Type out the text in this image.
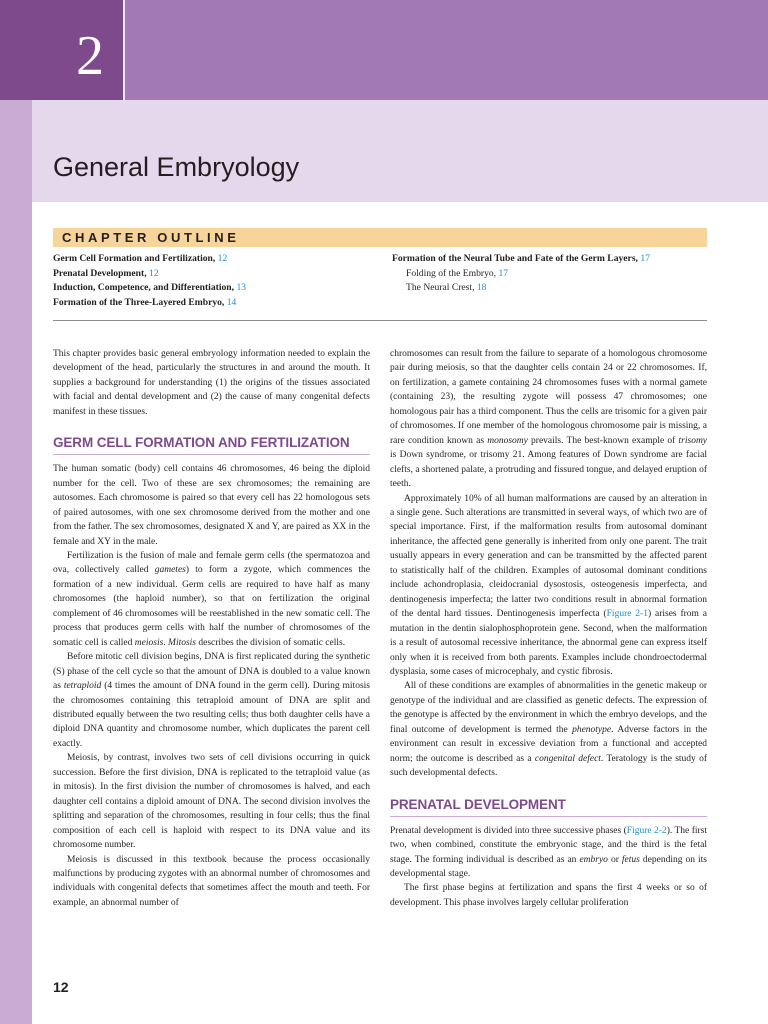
2
General Embryology
CHAPTER OUTLINE
Germ Cell Formation and Fertilization, 12
Prenatal Development, 12
Induction, Competence, and Differentiation, 13
Formation of the Three-Layered Embryo, 14
Formation of the Neural Tube and Fate of the Germ Layers, 17
Folding of the Embryo, 17
The Neural Crest, 18

This chapter provides basic general embryology information needed to explain the development of the head, particularly the structures in and around the mouth. It supplies a background for understanding (1) the origins of the tissues associated with facial and dental development and (2) the cause of many congenital defects manifest in these tissues.

GERM CELL FORMATION AND FERTILIZATION

The human somatic (body) cell contains 46 chromosomes, 46 being the diploid number for the cell. Two of these are sex chromosomes; the remaining are autosomes. Each chromosome is paired so that every cell has 22 homologous sets of paired autosomes, with one sex chromosome derived from the mother and one from the father. The sex chromosomes, designated X and Y, are paired as XX in the female and XY in the male.

Fertilization is the fusion of male and female germ cells (the spermatozoa and ova, collectively called gametes) to form a zygote, which commences the formation of a new individual. Germ cells are required to have half as many chromosomes (the haploid number), so that on fertilization the original complement of 46 chromosomes will be reestablished in the new somatic cell. The process that produces germ cells with half the number of chromosomes of the somatic cell is called meiosis. Mitosis describes the division of somatic cells.

Before mitotic cell division begins, DNA is first replicated during the synthetic (S) phase of the cell cycle so that the amount of DNA is doubled to a value known as tetraploid (4 times the amount of DNA found in the germ cell). During mitosis the chromosomes containing this tetraploid amount of DNA are split and distributed equally between the two resulting cells; thus both daughter cells have a diploid DNA quantity and chromosome number, which duplicates the parent cell exactly.

Meiosis, by contrast, involves two sets of cell divisions occurring in quick succession. Before the first division, DNA is replicated to the tetraploid value (as in mitosis). In the first division the number of chromosomes is halved, and each daughter cell contains a diploid amount of DNA. The second division involves the splitting and separation of the chromosomes, resulting in four cells; thus the final composition of each cell is haploid with respect to its DNA value and its chromosome number.

Meiosis is discussed in this textbook because the process occasionally malfunctions by producing zygotes with an abnormal number of chromosomes and individuals with congenital defects that sometimes affect the mouth and teeth. For example, an abnormal number of

chromosomes can result from the failure to separate of a homologous chromosome pair during meiosis, so that the daughter cells contain 24 or 22 chromosomes. If, on fertilization, a gamete containing 24 chromosomes fuses with a normal gamete (containing 23), the resulting zygote will possess 47 chromosomes; one homologous pair has a third component. Thus the cells are trisomic for a given pair of chromosomes. If one member of the homologous chromosome pair is missing, a rare condition known as monosomy prevails. The best-known example of trisomy is Down syndrome, or trisomy 21. Among features of Down syndrome are facial clefts, a shortened palate, a protruding and fissured tongue, and delayed eruption of teeth.

Approximately 10% of all human malformations are caused by an alteration in a single gene. Such alterations are transmitted in several ways, of which two are of special importance. First, if the malformation results from autosomal dominant inheritance, the affected gene generally is inherited from only one parent. The trait usually appears in every generation and can be transmitted by the affected parent to statistically half of the children. Examples of autosomal dominant conditions include achondroplasia, cleidocranial dysostosis, osteogenesis imperfecta, and dentinogenesis imperfecta; the latter two conditions result in abnormal formation of the dental hard tissues. Dentinogenesis imperfecta (Figure 2-1) arises from a mutation in the dentin sialophosphoprotein gene. Second, when the malformation is a result of autosomal recessive inheritance, the abnormal gene can express itself only when it is received from both parents. Examples include chondroectodermal dysplasia, some cases of microcephaly, and cystic fibrosis.

All of these conditions are examples of abnormalities in the genetic makeup or genotype of the individual and are classified as genetic defects. The expression of the genotype is affected by the environment in which the embryo develops, and the final outcome of development is termed the phenotype. Adverse factors in the environment can result in excessive deviation from a functional and accepted norm; the outcome is described as a congenital defect. Teratology is the study of such developmental defects.

PRENATAL DEVELOPMENT

Prenatal development is divided into three successive phases (Figure 2-2). The first two, when combined, constitute the embryonic stage, and the third is the fetal stage. The forming individual is described as an embryo or fetus depending on its developmental stage.

The first phase begins at fertilization and spans the first 4 weeks or so of development. This phase involves largely cellular proliferation

12
